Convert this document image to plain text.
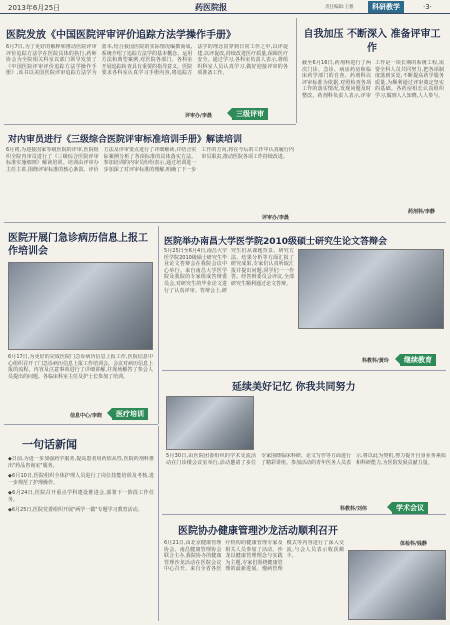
2013年6月25日	药医院报	责任编辑:王雅	科研教学	·3·
医院发放《中国医院评审评价追踪方法学操作手册》
6月7日,为了更好的解释和推动医院评审评价追踪方法学在医院具体的执行,药师协会为全院相关科室以部门领导发放了《中国医院评审评价追踪方法学操作手册》,该书以美国医院评审追踪方法学为蓝本,结合我国医院的实际情况编撰而成,系统介绍了追踪方法学的基本概念、运用方法和典型案例,对医院各部门、各科室开展追踪检查具有重要的指导意义。医院要求各科室认真学习手册内容,将追踪方法学的理念贯穿到日常工作之中,以评促建,以评促改,持续改进医疗质量,保障医疗安全。通过学习,各科室负责人表示,将组织科室人员认真学习,做好迎接评审的各项准备工作。
评审办/李晨	三级评审
自我加压 不断深入 准备评审工作
截至6月16日,药剂科进行了两次门诊、急诊、病房药房和临床药学部门的自查。药剂科以评审标准为依据,对照检查各项工作的落实情况,发现问题及时整改。药剂科负责人表示,评审工作是一项长期的系统工程,需要全科人员共同努力,把各项制度落到实处,不断提高药学服务质量,为顺利通过评审奠定坚实的基础。各药房组长认真组织学习,做到人人知晓,人人参与。
药剂科/李静
对内审员进行《三级综合医院评审标准培训手册》解读培训
6月初,为迎接国家等级医院的评审,医院组织全院内审员进行了《三级综合医院评审标准实施细则》解读培训。培训由评审办主任主讲,围绕评审标准的核心条款、评价方法及评审要点进行了详细解读,并结合实际案例分析了各项标准的具体落实方法。参加培训的内审员纷纷表示,通过培训进一步加深了对评审标准的理解,明确了下一步工作的方向,将在今后的工作中认真履行内审员职责,推动医院各项工作持续改进。
评审办/李晨
医院开展门急诊病历信息上报工作培训会
6月17日,为更好的完成医院门急诊病历信息上报工作,医院信息中心组织召开了门急诊病历信息上报工作培训会。会议对病历信息上报的流程、内容及注意事项进行了详细讲解,并现场解答了参会人员提出的问题。各临床科室主任及护士长参加了培训。
信息中心/李晓	医疗培训
医院举办南昌大学医学院2010级硕士研究生论文答辩会
5月25日至6月4日,南昌大学医学院2010级硕士研究生毕业论文答辩会在我院会议中心举行。来自南昌大学医学院及我院的专家组成答辩委员会,对研究生的毕业论文进行了认真评审。答辩会上,研究生们从课题背景、研究方法、结果分析等方面汇报了研究成果,专家们认真听取汇报并提出问题,同学们一一作答。经答辩委员会评议,全部研究生顺利通过论文答辩。
科教科/黄玲	继续教育
延续美好记忆 你我共同努力
5月30日,由医院团委组织的学术交流活动在门诊楼会议室举行,活动邀请了多位专家围绕临床科研、论文写作等方面进行了精彩讲座。参加活动的青年医务人员表示,将以此为契机,努力提升自身业务素质和科研能力,为医院发展贡献力量。
科教科/刘伟	学术会议
一句话新闻
◆日前,为进一步加强药学服务,提高患者用药依从性,医院药剂科推出"药品咨询室"服务。
◆6月10日,医院组织全体护理人员进行了岗位技能培训及考核,进一步规范了护理操作。
◆6月24日,医院召开重点学科建设推进会,部署下一阶段工作任务。
◆6月25日,医院党委组织开展"两学一做"专题学习教育活动。
医院协办健康管理沙龙活动顺利召开
6月21日,由北京健康管理协会、南昌健康管理协会联合主办,我院协办的健康管理沙龙活动在医院会议中心召开。来自全省各医疗机构的健康管理专家及相关人员参加了活动。沙龙以健康管理理念与实践为主题,专家们围绕健康管理的最新进展、慢病管理模式等内容进行了深入交流,与会人员表示收获颇丰。
体检科/钱静
